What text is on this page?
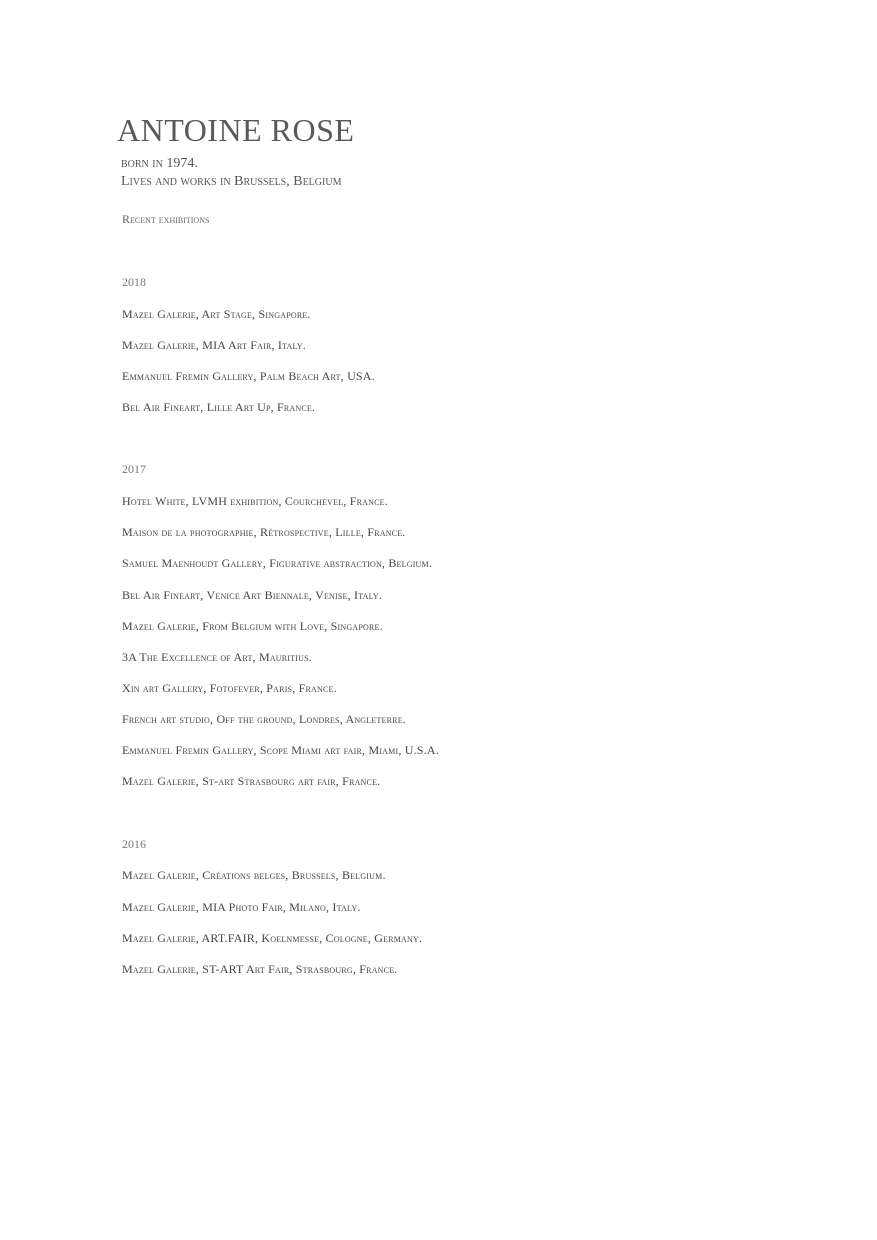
ANTOINE ROSE
born in 1974.
Lives and works in Brussels, Belgium
Recent exhibitions
2018
Mazel Galerie, Art Stage, Singapore.
Mazel Galerie, MIA Art Fair, Italy.
Emmanuel Fremin Gallery, Palm Beach Art, USA.
Bel Air Fineart, Lille Art Up, France.
2017
Hotel White, LVMH exhibition, Courchevel, France.
Maison de la photographie, Rétrospective, Lille, France.
Samuel Maenhoudt Gallery, Figurative abstraction, Belgium.
Bel Air Fineart, Venice Art Biennale, Venise, Italy.
Mazel Galerie, From Belgium with Love, Singapore.
3A The Excellence of Art, Mauritius.
Xin art Gallery, Fotofever, Paris, France.
French art studio, Off the ground, Londres, Angleterre.
Emmanuel Fremin Gallery, Scope Miami art fair, Miami, U.S.A.
Mazel Galerie, St-art Strasbourg art fair, France.
2016
Mazel Galerie, Créations belges, Brussels, Belgium.
Mazel Galerie, MIA Photo Fair, Milano, Italy.
Mazel Galerie, ART.FAIR, Koelnmesse, Cologne, Germany.
Mazel Galerie, ST-ART Art Fair, Strasbourg, France.
